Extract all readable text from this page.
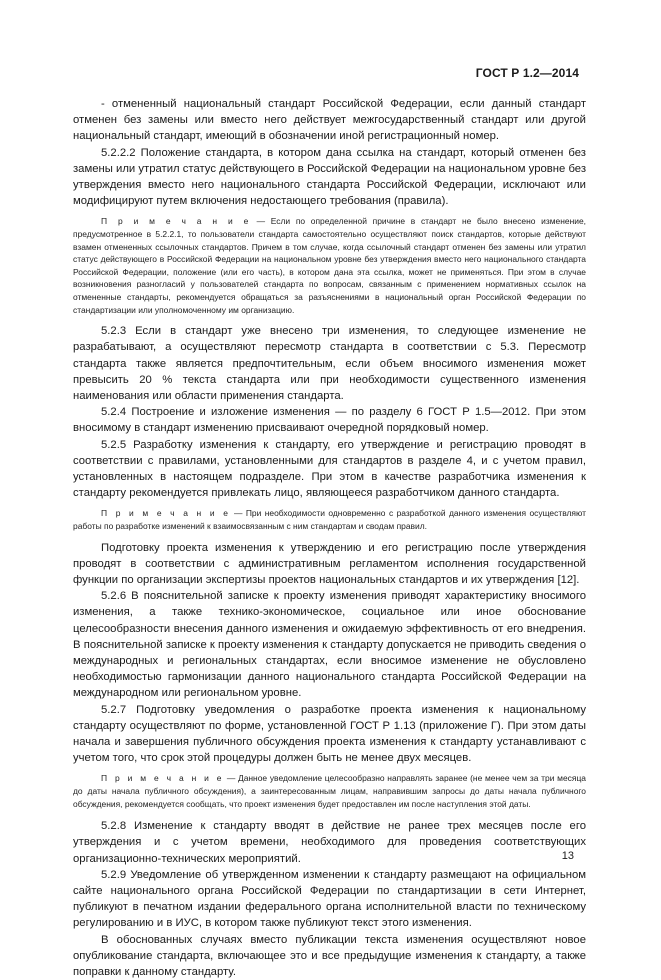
ГОСТ Р 1.2—2014

- отмененный национальный стандарт Российской Федерации, если данный стандарт отменен без замены или вместо него действует межгосударственный стандарт или другой национальный стандарт, имеющий в обозначении иной регистрационный номер.

5.2.2.2 Положение стандарта, в котором дана ссылка на стандарт, который отменен без замены или утратил статус действующего в Российской Федерации на национальном уровне без утверждения вместо него национального стандарта Российской Федерации, исключают или модифицируют путем включения недостающего требования (правила).

П р и м е ч а н и е — Если по определенной причине в стандарт не было внесено изменение, предусмотренное в 5.2.2.1, то пользователи стандарта самостоятельно осуществляют поиск стандартов, которые действуют взамен отмененных ссылочных стандартов. Причем в том случае, когда ссылочный стандарт отменен без замены или утратил статус действующего в Российской Федерации на национальном уровне без утверждения вместо него национального стандарта Российской Федерации, положение (или его часть), в котором дана эта ссылка, может не применяться. При этом в случае возникновения разногласий у пользователей стандарта по вопросам, связанным с применением нормативных ссылок на отмененные стандарты, рекомендуется обращаться за разъяснениями в национальный орган Российской Федерации по стандартизации или уполномоченному им организацию.

5.2.3 Если в стандарт уже внесено три изменения, то следующее изменение не разрабатывают, а осуществляют пересмотр стандарта в соответствии с 5.3. Пересмотр стандарта также является предпочтительным, если объем вносимого изменения может превысить 20 % текста стандарта или при необходимости существенного изменения наименования или области применения стандарта.

5.2.4 Построение и изложение изменения — по разделу 6 ГОСТ Р 1.5—2012. При этом вносимому в стандарт изменению присваивают очередной порядковый номер.

5.2.5 Разработку изменения к стандарту, его утверждение и регистрацию проводят в соответствии с правилами, установленными для стандартов в разделе 4, и с учетом правил, установленных в настоящем подразделе. При этом в качестве разработчика изменения к стандарту рекомендуется привлекать лицо, являющееся разработчиком данного стандарта.

П р и м е ч а н и е — При необходимости одновременно с разработкой данного изменения осуществляют работы по разработке изменений к взаимосвязанным с ним стандартам и сводам правил.

Подготовку проекта изменения к утверждению и его регистрацию после утверждения проводят в соответствии с административным регламентом исполнения государственной функции по организации экспертизы проектов национальных стандартов и их утверждения [12].

5.2.6 В пояснительной записке к проекту изменения приводят характеристику вносимого изменения, а также технико-экономическое, социальное или иное обоснование целесообразности внесения данного изменения и ожидаемую эффективность от его внедрения. В пояснительной записке к проекту изменения к стандарту допускается не приводить сведения о международных и региональных стандартах, если вносимое изменение не обусловлено необходимостью гармонизации данного национального стандарта Российской Федерации на международном или региональном уровне.

5.2.7 Подготовку уведомления о разработке проекта изменения к национальному стандарту осуществляют по форме, установленной ГОСТ Р 1.13 (приложение Г). При этом даты начала и завершения публичного обсуждения проекта изменения к стандарту устанавливают с учетом того, что срок этой процедуры должен быть не менее двух месяцев.

П р и м е ч а н и е — Данное уведомление целесообразно направлять заранее (не менее чем за три месяца до даты начала публичного обсуждения), а заинтересованным лицам, направившим запросы до даты начала публичного обсуждения, рекомендуется сообщать, что проект изменения будет предоставлен им после наступления этой даты.

5.2.8 Изменение к стандарту вводят в действие не ранее трех месяцев после его утверждения и с учетом времени, необходимого для проведения соответствующих организационно-технических мероприятий.

5.2.9 Уведомление об утвержденном изменении к стандарту размещают на официальном сайте национального органа Российской Федерации по стандартизации в сети Интернет, публикуют в печатном издании федерального органа исполнительной власти по техническому регулированию и в ИУС, в котором также публикуют текст этого изменения.

В обоснованных случаях вместо публикации текста изменения осуществляют новое опубликование стандарта, включающее это и все предыдущие изменения к стандарту, а также поправки к данному стандарту.

13
